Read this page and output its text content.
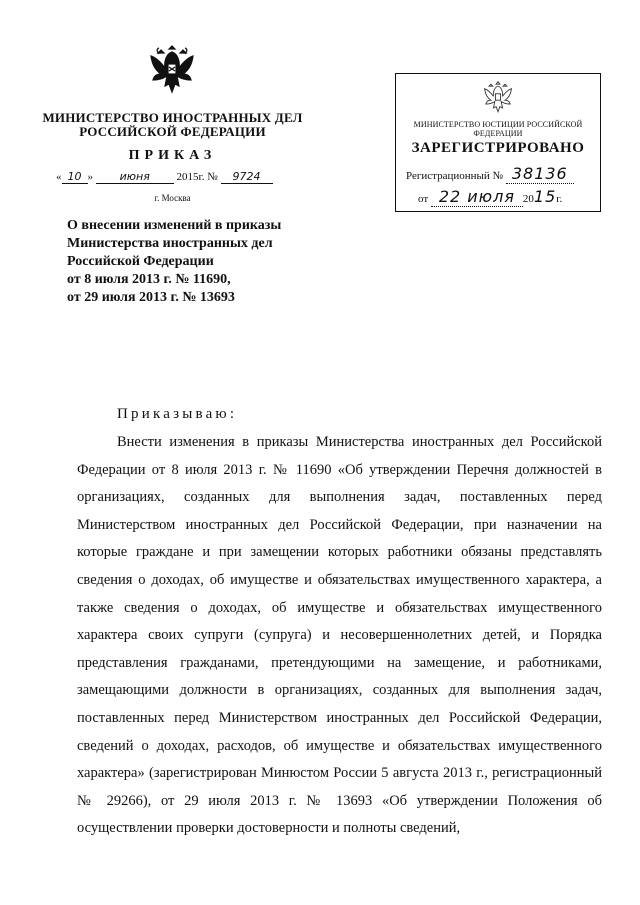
МИНИСТЕРСТВО ИНОСТРАННЫХ ДЕЛ
РОССИЙСКОЙ ФЕДЕРАЦИИ
ПРИКАЗ
« 10 » июня 2015г. № 9724
г. Москва
О внесении изменений в приказы
Министерства иностранных дел
Российской Федерации
от 8 июля 2013 г. № 11690,
от 29 июля 2013 г. № 13693
МИНИСТЕРСТВО ЮСТИЦИИ РОССИЙСКОЙ ФЕДЕРАЦИИ
ЗАРЕГИСТРИРОВАНО
Регистрационный № 38136
от 22 июля 2015г.
Приказываю:
Внести изменения в приказы Министерства иностранных дел Российской Федерации от 8 июля 2013 г. № 11690 «Об утверждении Перечня должностей в организациях, созданных для выполнения задач, поставленных перед Министерством иностранных дел Российской Федерации, при назначении на которые граждане и при замещении которых работники обязаны представлять сведения о доходах, об имуществе и обязательствах имущественного характера, а также сведения о доходах, об имуществе и обязательствах имущественного характера своих супруги (супруга) и несовершеннолетних детей, и Порядка представления гражданами, претендующими на замещение, и работниками, замещающими должности в организациях, созданных для выполнения задач, поставленных перед Министерством иностранных дел Российской Федерации, сведений о доходах, расходов, об имуществе и обязательствах имущественного характера» (зарегистрирован Минюстом России 5 августа 2013 г., регистрационный № 29266), от 29 июля 2013 г. № 13693 «Об утверждении Положения об осуществлении проверки достоверности и полноты сведений,
